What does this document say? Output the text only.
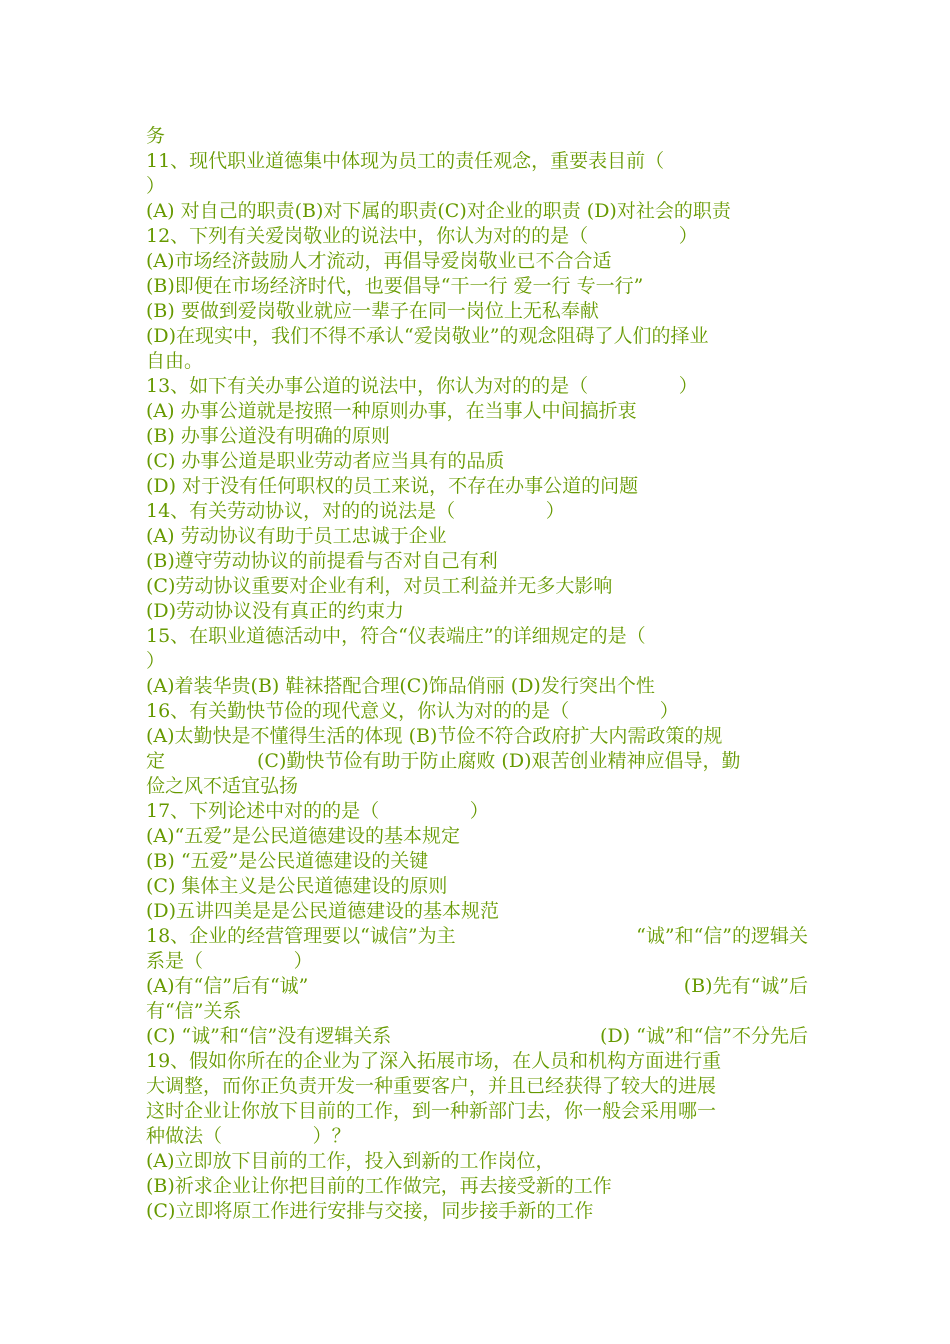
务
11、现代职业道德集中体现为员工的责任观念，重要表目前（
）
(A) 对自己的职责(B)对下属的职责(C)对企业的职责 (D)对社会的职责
12、下列有关爱岗敬业的说法中，你认为对的的是（               ）
(A)市场经济鼓励人才流动，再倡导爱岗敬业已不合合适
(B)即便在市场经济时代，也要倡导“干一行 爱一行 专一行”
(B) 要做到爱岗敬业就应一辈子在同一岗位上无私奉献
(D)在现实中，我们不得不承认“爱岗敬业”的观念阻碍了人们的择业
自由。
13、如下有关办事公道的说法中，你认为对的的是（               ）
(A) 办事公道就是按照一种原则办事，在当事人中间搞折衷
(B) 办事公道没有明确的原则
(C) 办事公道是职业劳动者应当具有的品质
(D) 对于没有任何职权的员工来说，不存在办事公道的问题
14、有关劳动协议，对的的说法是（               ）
(A) 劳动协议有助于员工忠诚于企业
(B)遵守劳动协议的前提看与否对自己有利
(C)劳动协议重要对企业有利，对员工利益并无多大影响
(D)劳动协议没有真正的约束力
15、在职业道德活动中，符合“仪表端庄”的详细规定的是（
）
(A)着装华贵(B) 鞋袜搭配合理(C)饰品俏丽 (D)发行突出个性
16、有关勤快节俭的现代意义，你认为对的的是（               ）
(A)太勤快是不懂得生活的体现 (B)节俭不符合政府扩大内需政策的规
定	(C)勤快节俭有助于防止腐败 (D)艰苦创业精神应倡导，勤
俭之风不适宜弘扬
17、下列论述中对的的是（               ）
(A)“五爱”是公民道德建设的基本规定
(B) “五爱”是公民道德建设的关键
(C) 集体主义是公民道德建设的原则
(D)五讲四美是是公民道德建设的基本规范
18、企业的经营管理要以“诚信”为主	“诚”和“信”的逻辑关
系是（               ）
(A)有“信”后有“诚”	(B)先有“诚”后
有“信”关系
(C) “诚”和“信”没有逻辑关系	(D) “诚”和“信”不分先后
19、假如你所在的企业为了深入拓展市场，在人员和机构方面进行重
大调整，而你正负责开发一种重要客户，并且已经获得了较大的进展
这时企业让你放下目前的工作，到一种新部门去，你一般会采用哪一
种做法（               ）？
(A)立即放下目前的工作，投入到新的工作岗位，
(B)祈求企业让你把目前的工作做完，再去接受新的工作
(C)立即将原工作进行安排与交接，同步接手新的工作
